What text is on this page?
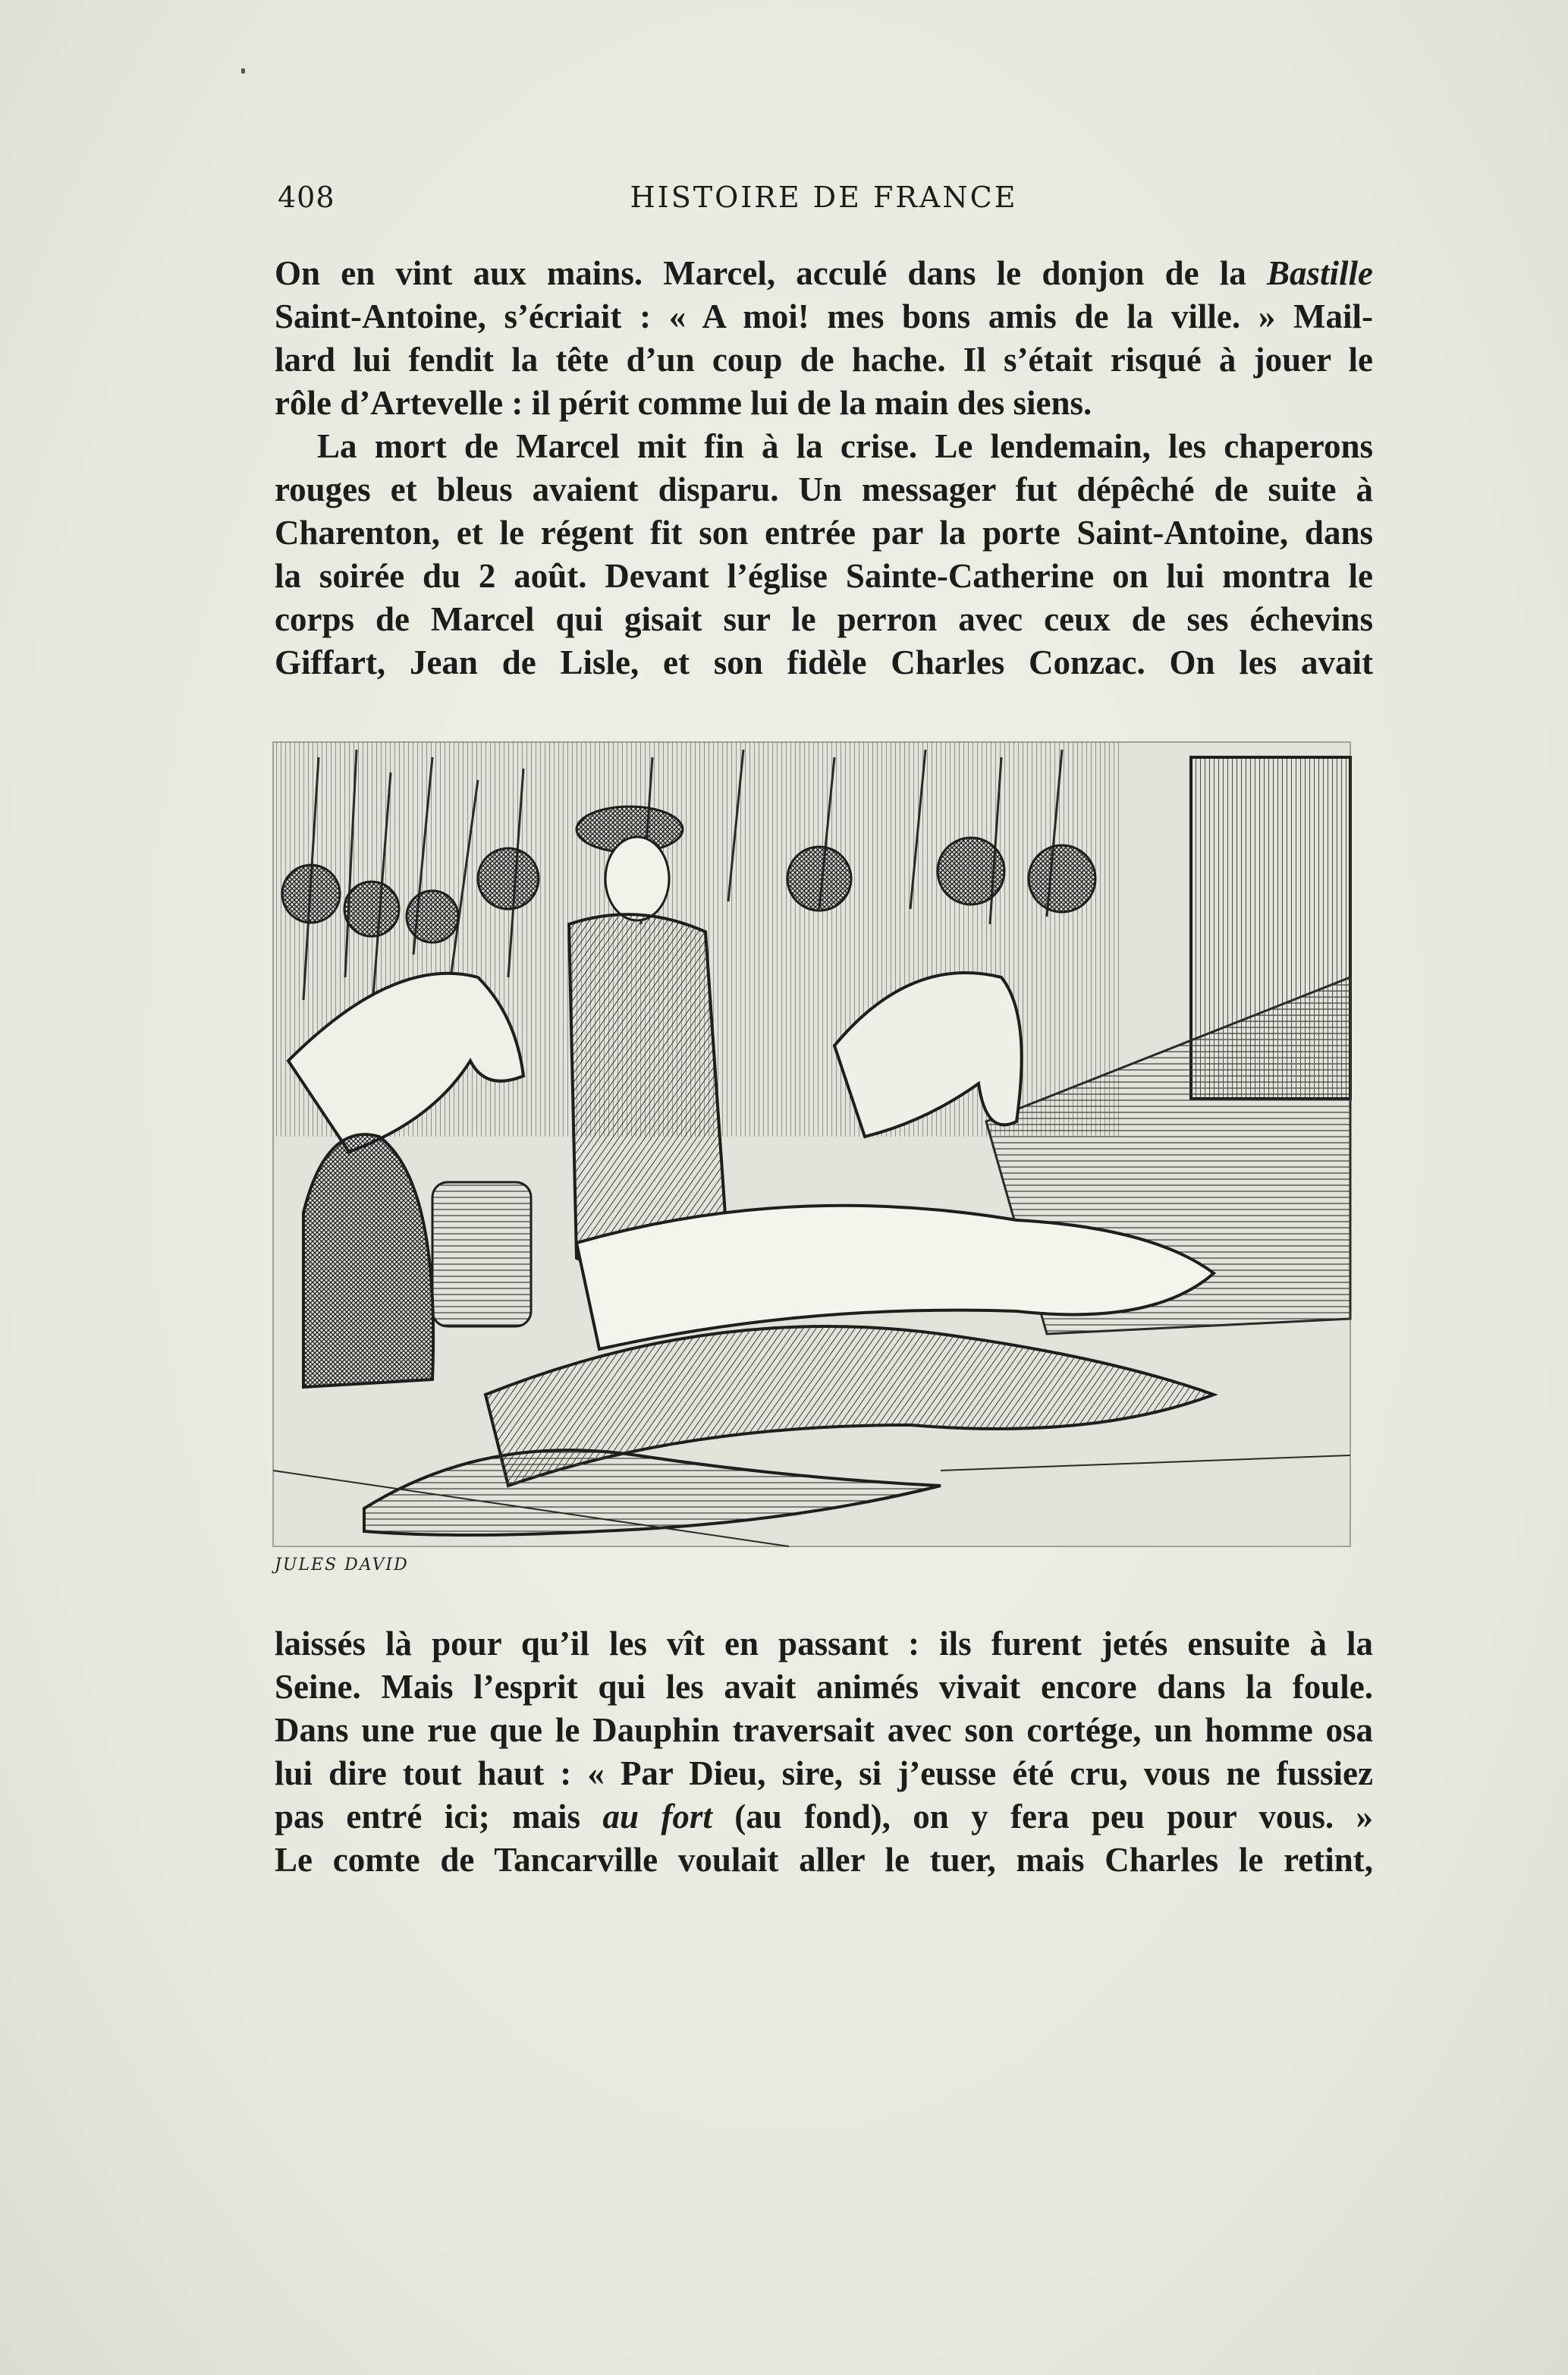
408	HISTOIRE DE FRANCE
On en vint aux mains. Marcel, acculé dans le donjon de la Bastille
Saint-Antoine, s’écriait : « A moi! mes bons amis de la ville. » Mail-
lard lui fendit la tête d’un coup de hache. Il s’était risqué à jouer le
rôle d’Artevelle : il périt comme lui de la main des siens.
La mort de Marcel mit fin à la crise. Le lendemain, les chaperons
rouges et bleus avaient disparu. Un messager fut dépêché de suite à
Charenton, et le régent fit son entrée par la porte Saint-Antoine, dans
la soirée du 2 août. Devant l’église Sainte-Catherine on lui montra le
corps de Marcel qui gisait sur le perron avec ceux de ses échevins
Giffart, Jean de Lisle, et son fidèle Charles Conzac. On les avait
JULES DAVID
laissés là pour qu’il les vît en passant : ils furent jetés ensuite à la
Seine. Mais l’esprit qui les avait animés vivait encore dans la foule.
Dans une rue que le Dauphin traversait avec son cortége, un homme osa
lui dire tout haut : « Par Dieu, sire, si j’eusse été cru, vous ne fussiez
pas entré ici; mais au fort (au fond), on y fera peu pour vous. »
Le comte de Tancarville voulait aller le tuer, mais Charles le retint,
